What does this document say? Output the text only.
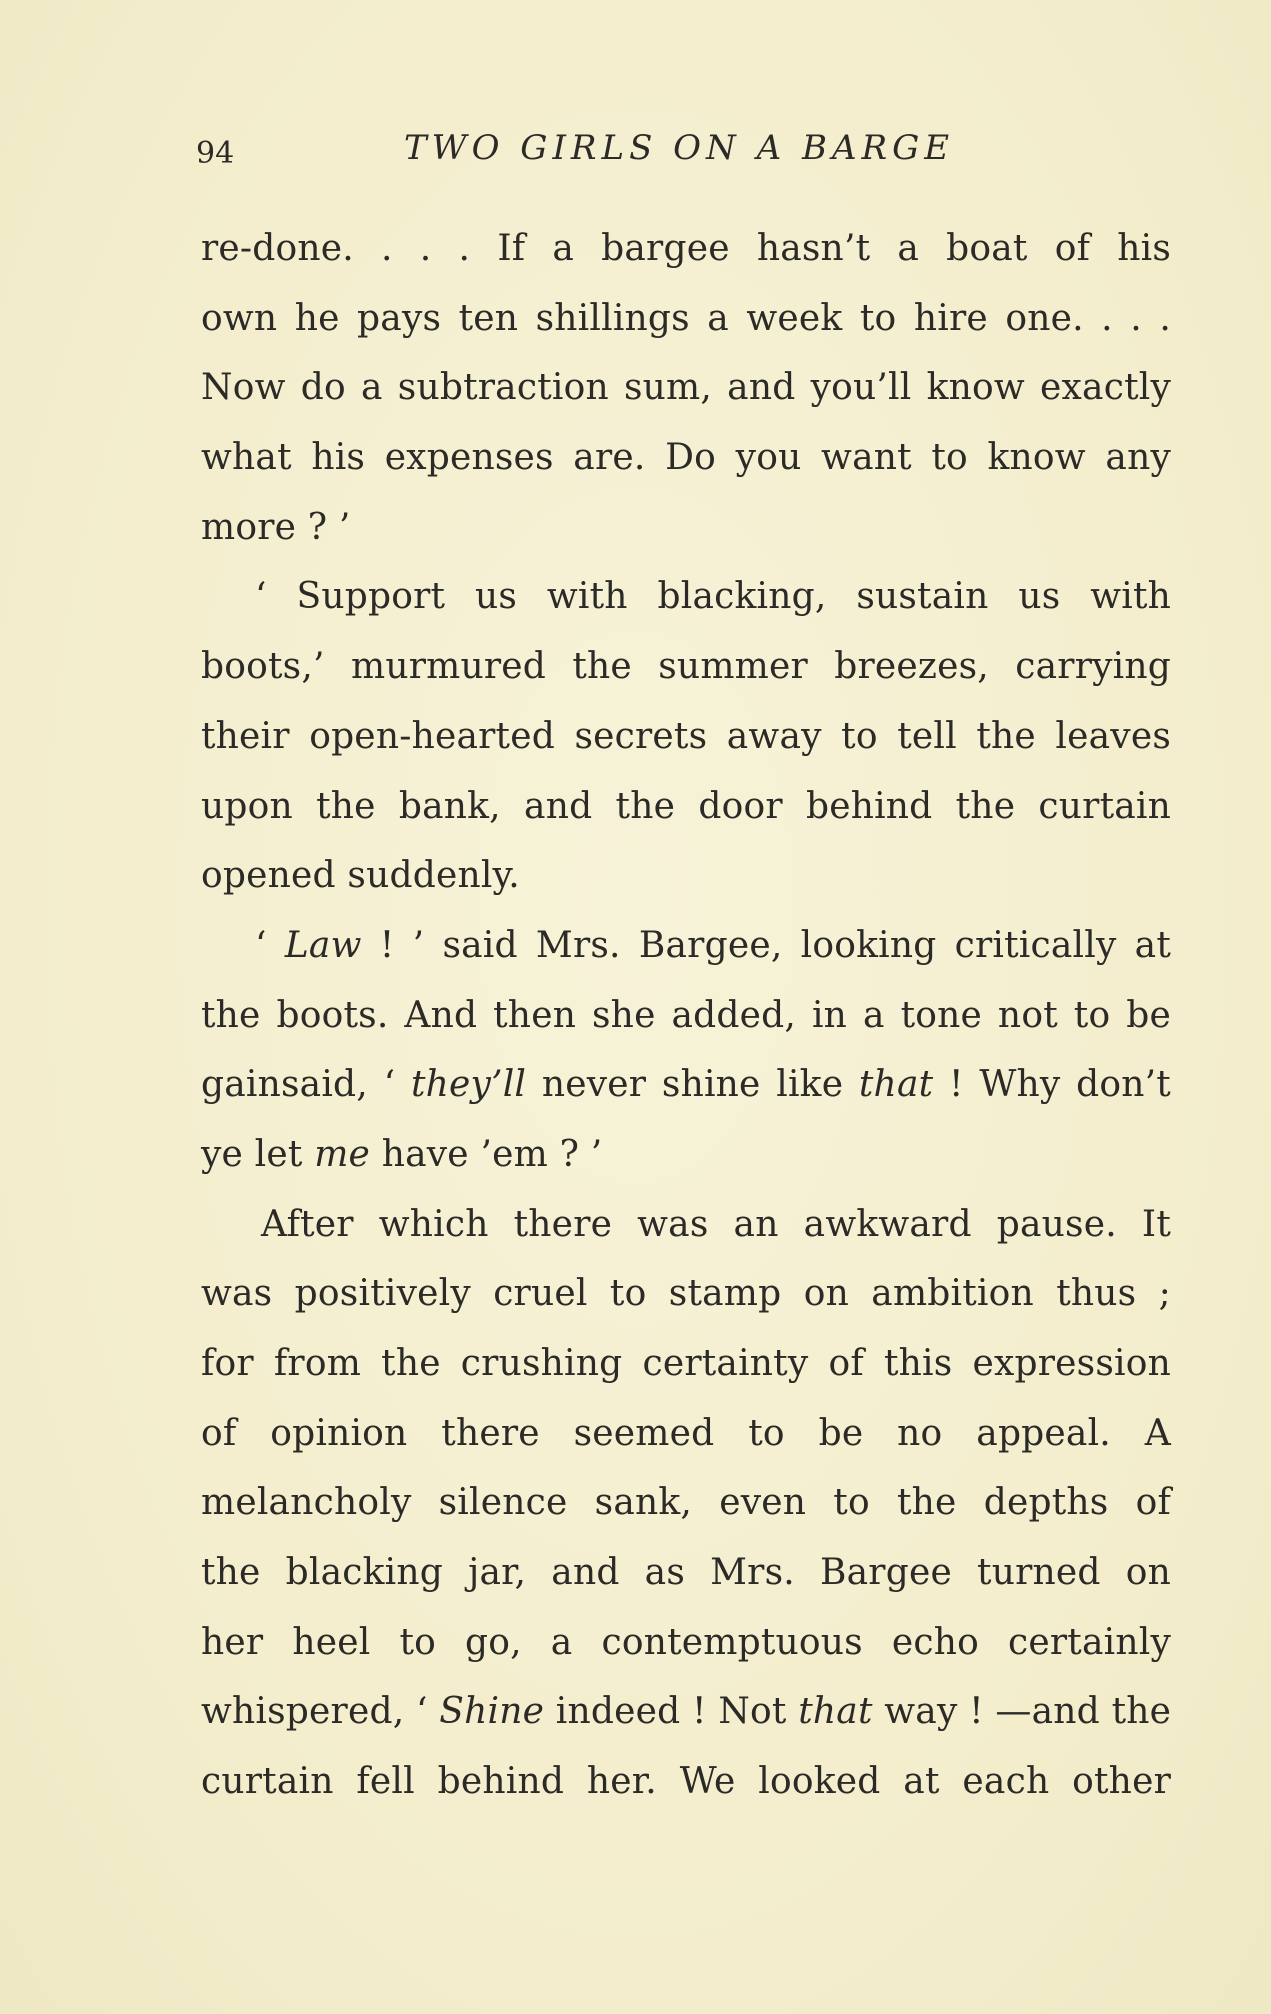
94	TWO GIRLS ON A BARGE
re-done. . . . If a bargee hasn’t a boat of his
own he pays ten shillings a week to hire one. . . .
Now do a subtraction sum, and you’ll know exactly
what his expenses are. Do you want to know any
more ? ’
‘ Support us with blacking, sustain us with
boots,’ murmured the summer breezes, carrying
their open-hearted secrets away to tell the leaves
upon the bank, and the door behind the curtain
opened suddenly.
‘ Law ! ’ said Mrs. Bargee, looking critically at
the boots. And then she added, in a tone not to be
gainsaid, ‘ they’ll never shine like that ! Why don’t
ye let me have ’em ? ’
After which there was an awkward pause. It
was positively cruel to stamp on ambition thus ;
for from the crushing certainty of this expression
of opinion there seemed to be no appeal. A
melancholy silence sank, even to the depths of
the blacking jar, and as Mrs. Bargee turned on
her heel to go, a contemptuous echo certainly
whispered, ‘ Shine indeed ! Not that way ! —and the
curtain fell behind her. We looked at each other
